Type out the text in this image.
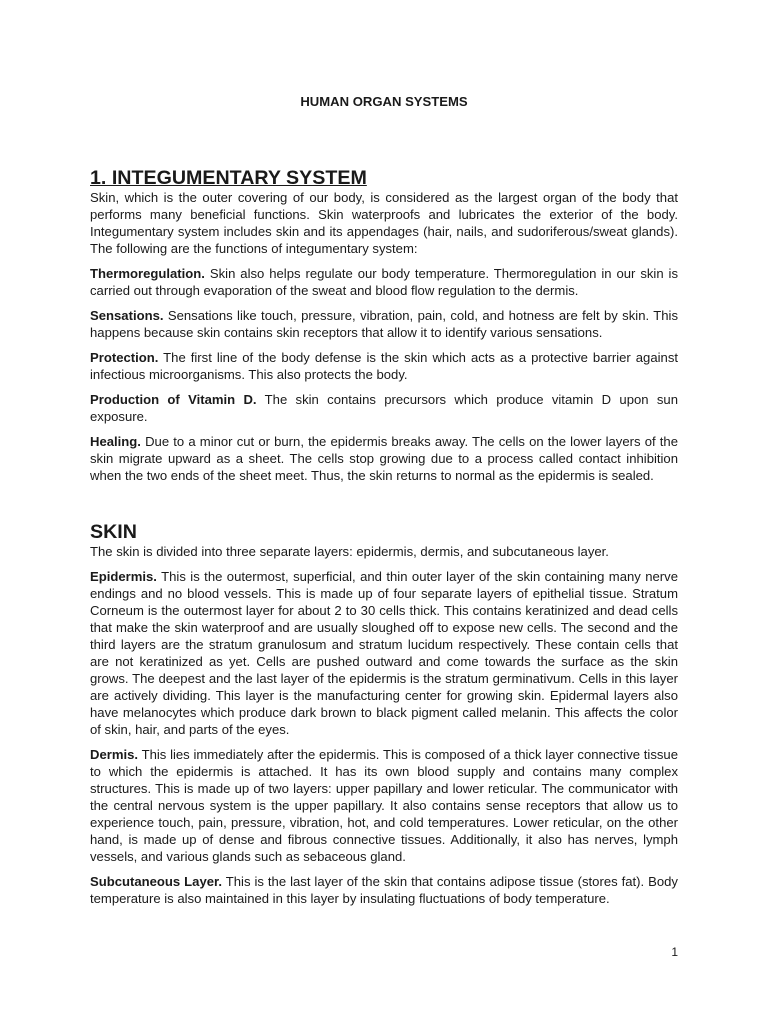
HUMAN ORGAN SYSTEMS
1. INTEGUMENTARY SYSTEM

Skin, which is the outer covering of our body, is considered as the largest organ of the body that performs many beneficial functions. Skin waterproofs and lubricates the exterior of the body. Integumentary system includes skin and its appendages (hair, nails, and sudoriferous/sweat glands). The following are the functions of integumentary system:

Thermoregulation. Skin also helps regulate our body temperature. Thermoregulation in our skin is carried out through evaporation of the sweat and blood flow regulation to the dermis.

Sensations. Sensations like touch, pressure, vibration, pain, cold, and hotness are felt by skin. This happens because skin contains skin receptors that allow it to identify various sensations.

Protection. The first line of the body defense is the skin which acts as a protective barrier against infectious microorganisms. This also protects the body.

Production of Vitamin D. The skin contains precursors which produce vitamin D upon sun exposure.

Healing. Due to a minor cut or burn, the epidermis breaks away. The cells on the lower layers of the skin migrate upward as a sheet. The cells stop growing due to a process called contact inhibition when the two ends of the sheet meet. Thus, the skin returns to normal as the epidermis is sealed.

SKIN

The skin is divided into three separate layers: epidermis, dermis, and subcutaneous layer.

Epidermis. This is the outermost, superficial, and thin outer layer of the skin containing many nerve endings and no blood vessels. This is made up of four separate layers of epithelial tissue. Stratum Corneum is the outermost layer for about 2 to 30 cells thick. This contains keratinized and dead cells that make the skin waterproof and are usually sloughed off to expose new cells. The second and the third layers are the stratum granulosum and stratum lucidum respectively. These contain cells that are not keratinized as yet. Cells are pushed outward and come towards the surface as the skin grows. The deepest and the last layer of the epidermis is the stratum germinativum. Cells in this layer are actively dividing. This layer is the manufacturing center for growing skin. Epidermal layers also have melanocytes which produce dark brown to black pigment called melanin. This affects the color of skin, hair, and parts of the eyes.

Dermis. This lies immediately after the epidermis. This is composed of a thick layer connective tissue to which the epidermis is attached. It has its own blood supply and contains many complex structures. This is made up of two layers: upper papillary and lower reticular. The communicator with the central nervous system is the upper papillary. It also contains sense receptors that allow us to experience touch, pain, pressure, vibration, hot, and cold temperatures. Lower reticular, on the other hand, is made up of dense and fibrous connective tissues. Additionally, it also has nerves, lymph vessels, and various glands such as sebaceous gland.

Subcutaneous Layer. This is the last layer of the skin that contains adipose tissue (stores fat). Body temperature is also maintained in this layer by insulating fluctuations of body temperature.

1
